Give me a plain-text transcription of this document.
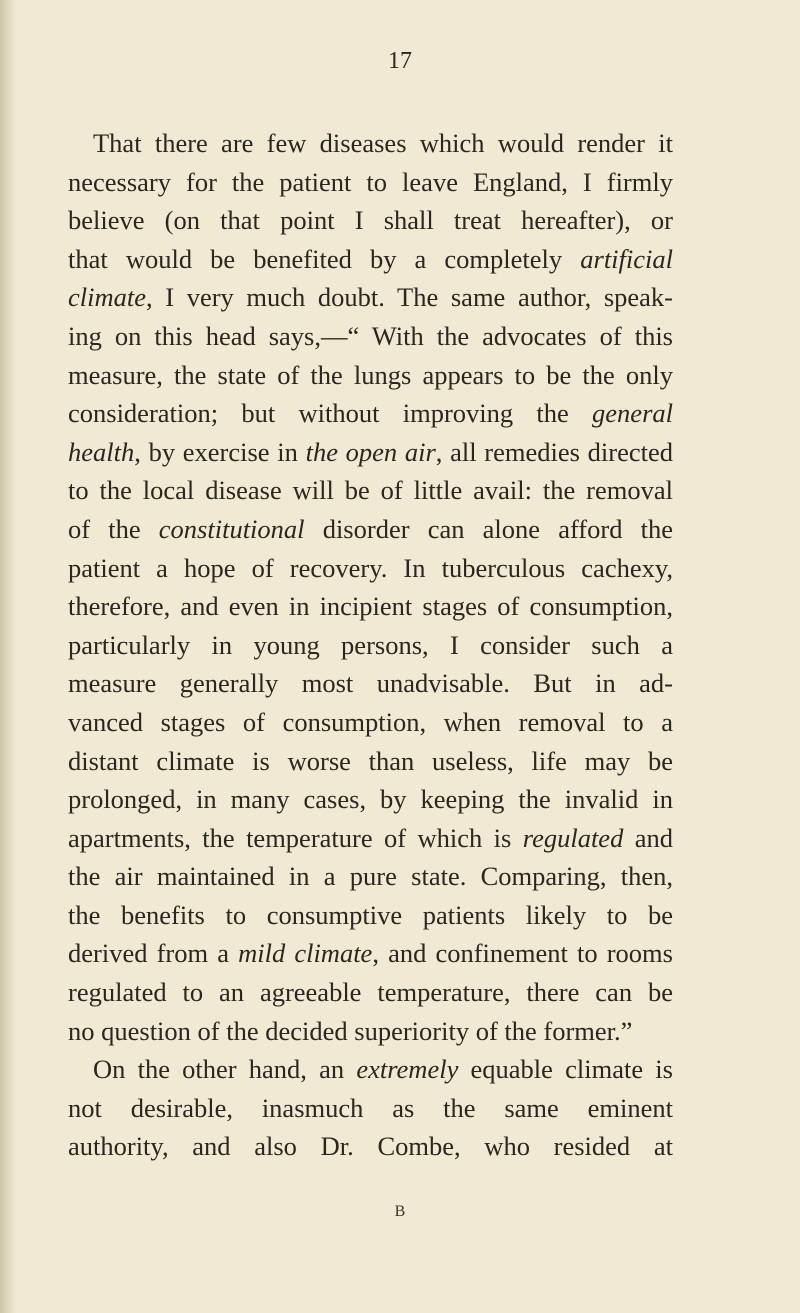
17
That there are few diseases which would render it
necessary for the patient to leave England, I firmly
believe (on that point I shall treat hereafter), or
that would be benefited by a completely artificial
climate, I very much doubt. The same author, speak-
ing on this head says,—“ With the advocates of this
measure, the state of the lungs appears to be the only
consideration; but without improving the general
health, by exercise in the open air, all remedies directed
to the local disease will be of little avail: the removal
of the constitutional disorder can alone afford the
patient a hope of recovery. In tuberculous cachexy,
therefore, and even in incipient stages of consumption,
particularly in young persons, I consider such a
measure generally most unadvisable. But in ad-
vanced stages of consumption, when removal to a
distant climate is worse than useless, life may be
prolonged, in many cases, by keeping the invalid in
apartments, the temperature of which is regulated and
the air maintained in a pure state. Comparing, then,
the benefits to consumptive patients likely to be
derived from a mild climate, and confinement to rooms
regulated to an agreeable temperature, there can be
no question of the decided superiority of the former.”
On the other hand, an extremely equable climate is
not desirable, inasmuch as the same eminent
authority, and also Dr. Combe, who resided at
B
